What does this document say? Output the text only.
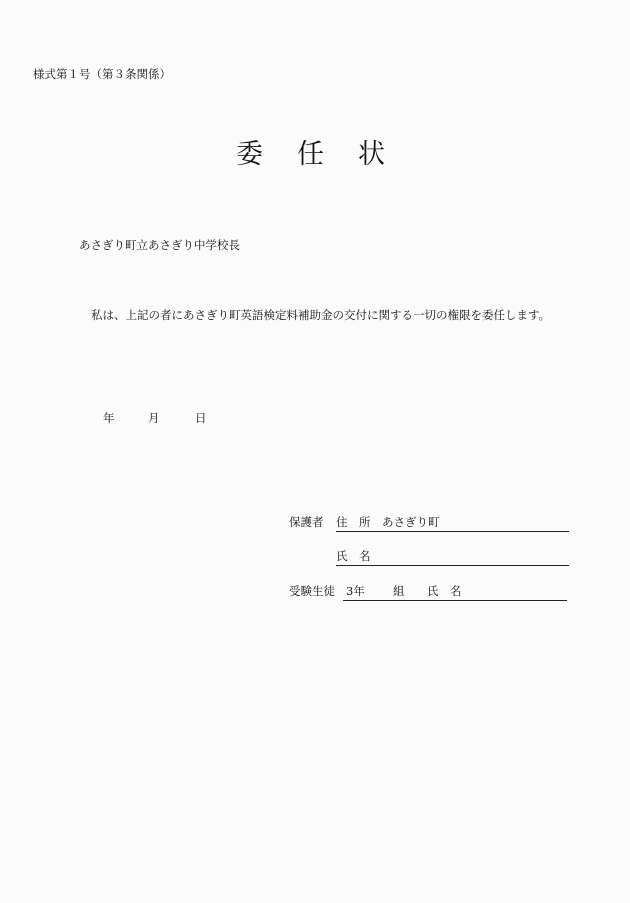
様式第１号（第３条関係）
委 任 状
あさぎり町立あさぎり中学校長
私は、上記の者にあさぎり町英語検定料補助金の交付に関する一切の権限を委任します。
年	月	日
保護者 住　所 あさぎり町
氏　名
受験生徒 3年 組 氏　名
